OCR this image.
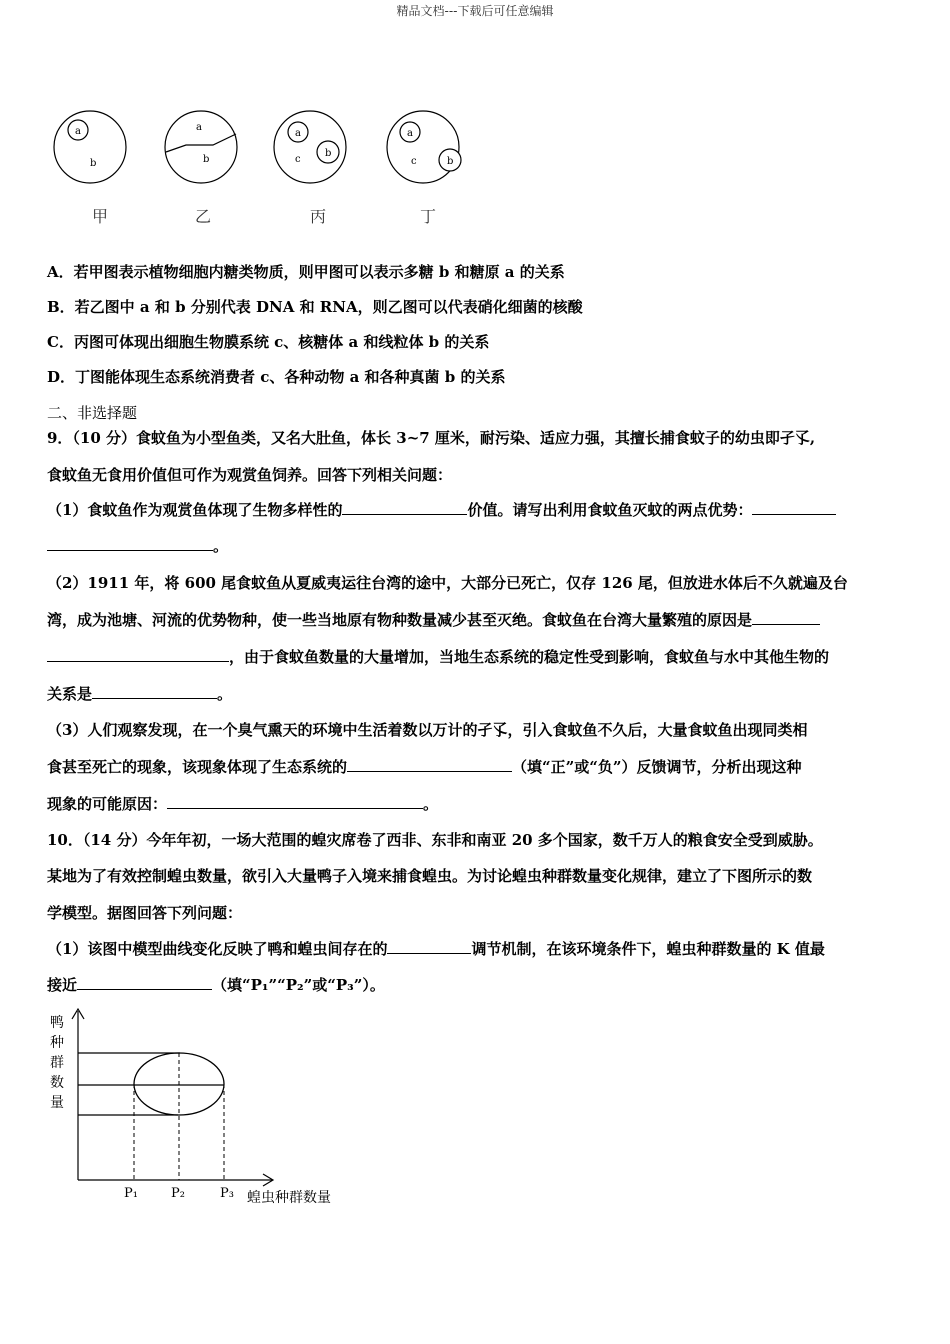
精品文档---下载后可任意编辑
a
b
a
b
a
b
c
a
b
c
甲	乙	丙	丁
A．若甲图表示植物细胞内糖类物质，则甲图可以表示多糖 b 和糖原 a 的关系
B．若乙图中 a 和 b 分别代表 DNA 和 RNA，则乙图可以代表硝化细菌的核酸
C．丙图可体现出细胞生物膜系统 c、核糖体 a 和线粒体 b 的关系
D．丁图能体现生态系统消费者 c、各种动物 a 和各种真菌 b 的关系
二、非选择题
9．（10 分）食蚊鱼为小型鱼类，又名大肚鱼，体长 3~7 厘米，耐污染、适应力强，其擅长捕食蚊子的幼虫即孑孓,
食蚊鱼无食用价值但可作为观赏鱼饲养。回答下列相关问题：
（1）食蚊鱼作为观赏鱼体现了生物多样性的	价值。请写出利用食蚊鱼灭蚊的两点优势：
。
（2）1911 年，将 600 尾食蚊鱼从夏威夷运往台湾的途中，大部分已死亡，仅存 126 尾，但放进水体后不久就遍及台
湾，成为池塘、河流的优势物种，使一些当地原有物种数量减少甚至灭绝。食蚊鱼在台湾大量繁殖的原因是
，由于食蚊鱼数量的大量增加，当地生态系统的稳定性受到影响，食蚊鱼与水中其他生物的
关系是	。
（3）人们观察发现，在一个臭气熏天的环境中生活着数以万计的孑孓，引入食蚊鱼不久后，大量食蚊鱼出现同类相
食甚至死亡的现象，该现象体现了生态系统的	（填“正”或“负”）反馈调节，分析出现这种
现象的可能原因：	。
10．（14 分）今年年初，一场大范围的蝗灾席卷了西非、东非和南亚 20 多个国家，数千万人的粮食安全受到威胁。
某地为了有效控制蝗虫数量，欲引入大量鸭子入境来捕食蝗虫。为讨论蝗虫种群数量变化规律，建立了下图所示的数
学模型。据图回答下列问题：
（1）该图中模型曲线变化反映了鸭和蝗虫间存在的	调节机制，在该环境条件下，蝗虫种群数量的 K 值最
接近	（填“P₁”“P₂”或“P₃”）。
鸭
种
群
数
量
P₁	P₂	P₃ 蝗虫种群数量
